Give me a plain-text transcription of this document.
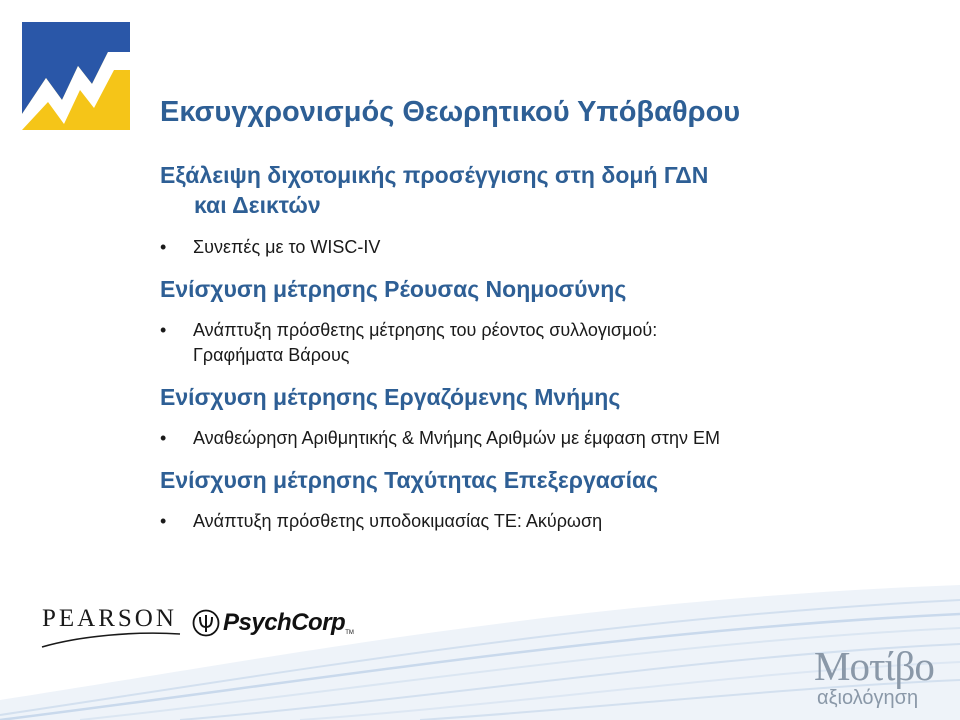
Εκσυγχρονισμός Θεωρητικού Υπόβαθρου
Εξάλειψη διχοτομικής προσέγγισης στη δομή ΓΔΝ
και Δεικτών
• Συνεπές με το WISC-IV
Ενίσχυση μέτρησης Ρέουσας Νοημοσύνης
• Ανάπτυξη πρόσθετης μέτρησης του ρέοντος συλλογισμού:
Γραφήματα Βάρους
Ενίσχυση μέτρησης Εργαζόμενης Μνήμης
• Αναθεώρηση Αριθμητικής & Μνήμης Αριθμών με έμφαση στην ΕΜ
Ενίσχυση μέτρησης Ταχύτητας Επεξεργασίας
• Ανάπτυξη πρόσθετης υποδοκιμασίας ΤΕ: Ακύρωση
PEARSON PsychCorp TM
Mοτίβο
αξιολόγηση
